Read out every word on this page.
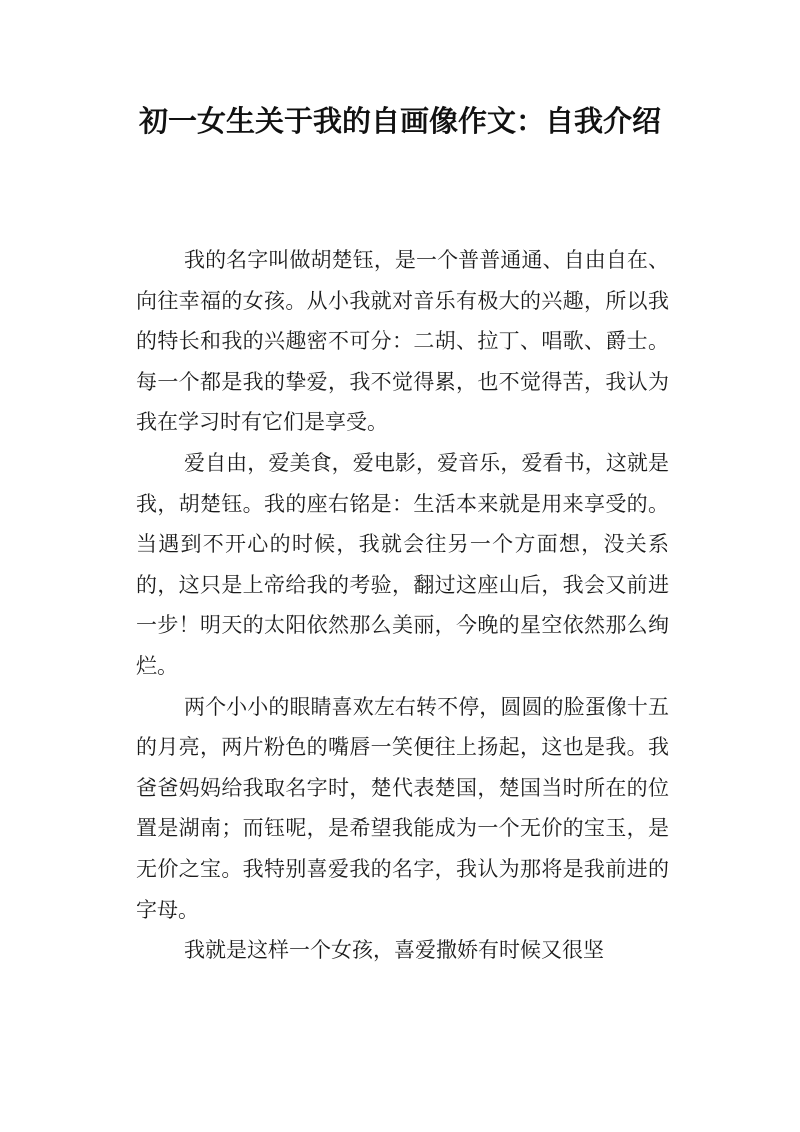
初一女生关于我的自画像作文：自我介绍

我的名字叫做胡楚钰，是一个普普通通、自由自在、向往幸福的女孩。从小我就对音乐有极大的兴趣，所以我的特长和我的兴趣密不可分：二胡、拉丁、唱歌、爵士。每一个都是我的挚爱，我不觉得累，也不觉得苦，我认为我在学习时有它们是享受。

爱自由，爱美食，爱电影，爱音乐，爱看书，这就是我，胡楚钰。我的座右铭是：生活本来就是用来享受的。当遇到不开心的时候，我就会往另一个方面想，没关系的，这只是上帝给我的考验，翻过这座山后，我会又前进一步！明天的太阳依然那么美丽，今晚的星空依然那么绚烂。

两个小小的眼睛喜欢左右转不停，圆圆的脸蛋像十五的月亮，两片粉色的嘴唇一笑便往上扬起，这也是我。我爸爸妈妈给我取名字时，楚代表楚国，楚国当时所在的位置是湖南；而钰呢，是希望我能成为一个无价的宝玉，是无价之宝。我特别喜爱我的名字，我认为那将是我前进的字母。

我就是这样一个女孩，喜爱撒娇有时候又很坚
